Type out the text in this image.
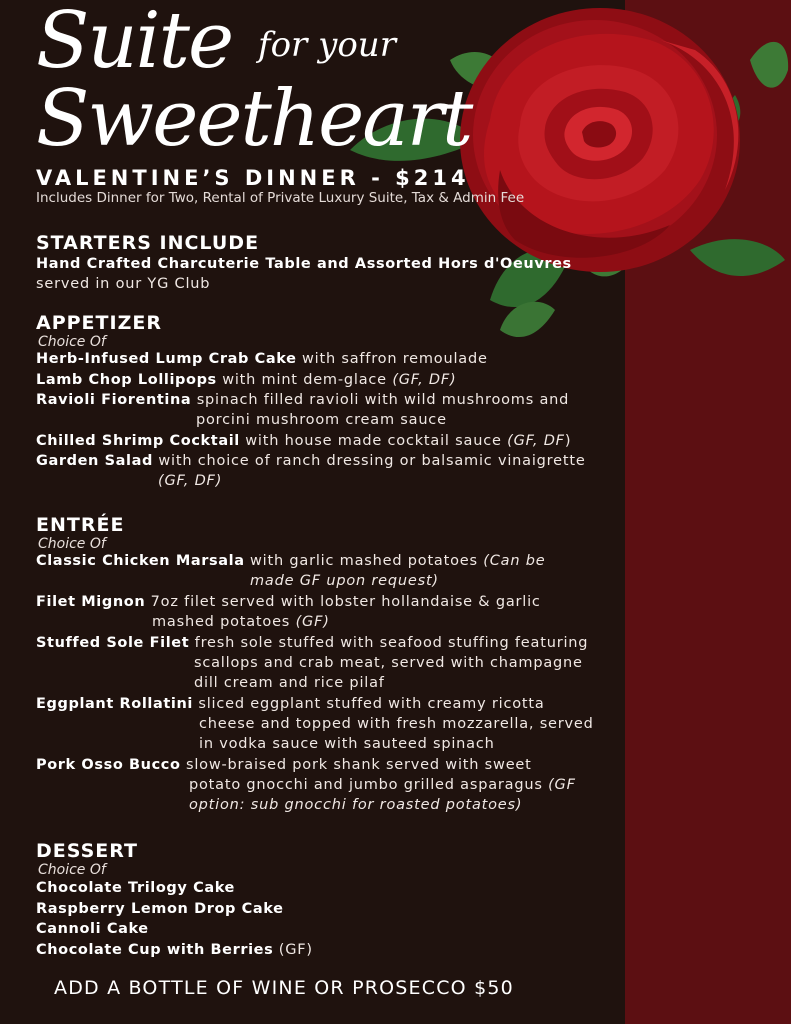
Suite for your
Sweetheart
VALENTINE’S DINNER - $214
Includes Dinner for Two, Rental of Private Luxury Suite, Tax & Admin Fee
STARTERS INCLUDE
Hand Crafted Charcuterie Table and Assorted Hors d'Oeuvres
served in our YG Club
APPETIZER
Choice Of
Herb-Infused Lump Crab Cake with saffron remoulade
Lamb Chop Lollipops with mint dem-glace (GF, DF)
Ravioli Fiorentina spinach filled ravioli with wild mushrooms and
porcini mushroom cream sauce
Chilled Shrimp Cocktail with house made cocktail sauce (GF, DF)
Garden Salad with choice of ranch dressing or balsamic vinaigrette
(GF, DF)
ENTRÉE
Choice Of
Classic Chicken Marsala with garlic mashed potatoes (Can be
made GF upon request)
Filet Mignon 7oz filet served with lobster hollandaise & garlic
mashed potatoes (GF)
Stuffed Sole Filet fresh sole stuffed with seafood stuffing featuring
scallops and crab meat, served with champagne
dill cream and rice pilaf
Eggplant Rollatini sliced eggplant stuffed with creamy ricotta
cheese and topped with fresh mozzarella, served
in vodka sauce with sauteed spinach
Pork Osso Bucco slow-braised pork shank served with sweet
potato gnocchi and jumbo grilled asparagus (GF
option: sub gnocchi for roasted potatoes)
DESSERT
Choice Of
Chocolate Trilogy Cake
Raspberry Lemon Drop Cake
Cannoli Cake
Chocolate Cup with Berries (GF)
ADD A BOTTLE OF WINE OR PROSECCO $50
